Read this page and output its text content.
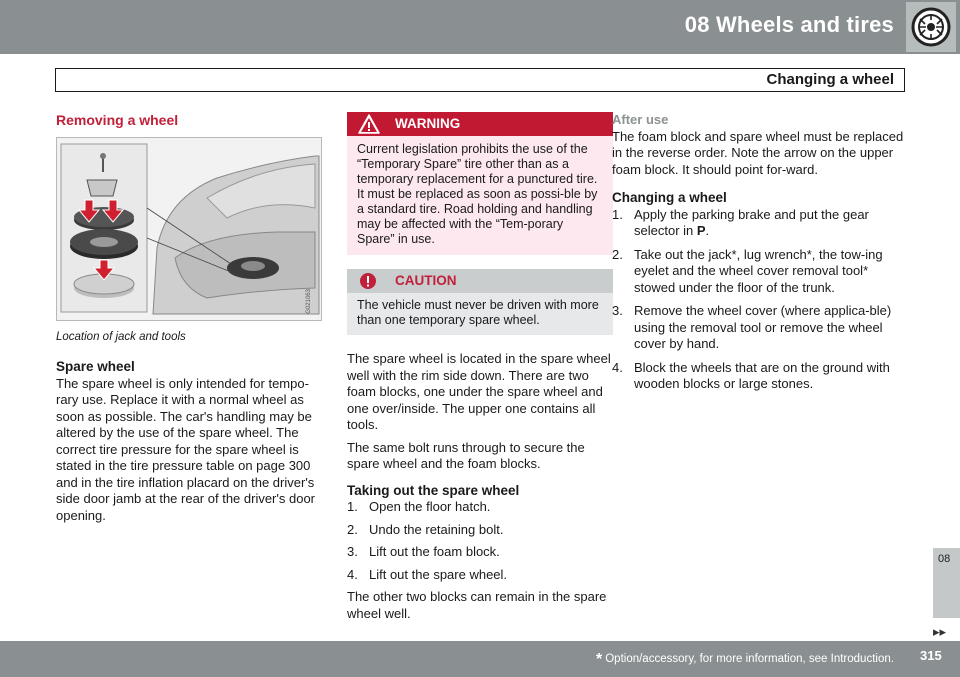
08 Wheels and tires
Changing a wheel
Removing a wheel
G021063
Location of jack and tools
Spare wheel

The spare wheel is only intended for tempo-rary use. Replace it with a normal wheel as soon as possible. The car's handling may be altered by the use of the spare wheel. The correct tire pressure for the spare wheel is stated in the tire pressure table on page 300 and in the tire inflation placard on the driver's side door jamb at the rear of the driver's door opening.

WARNING
Current legislation prohibits the use of the “Temporary Spare” tire other than as a temporary replacement for a punctured tire. It must be replaced as soon as possi-ble by a standard tire. Road holding and handling may be affected with the “Tem-porary Spare” in use.
CAUTION
The vehicle must never be driven with more than one temporary spare wheel.

The spare wheel is located in the spare wheel well with the rim side down. There are two foam blocks, one under the spare wheel and one over/inside. The upper one contains all tools.

The same bolt runs through to secure the spare wheel and the foam blocks.

Taking out the spare wheel
1. Open the floor hatch.
2. Undo the retaining bolt.
3. Lift out the foam block.
4. Lift out the spare wheel.

The other two blocks can remain in the spare wheel well.

After use

The foam block and spare wheel must be replaced in the reverse order. Note the arrow on the upper foam block. It should point for-ward.

Changing a wheel
1. Apply the parking brake and put the gear selector in P.
2. Take out the jack*, lug wrench*, the tow-ing eyelet and the wheel cover removal tool* stowed under the floor of the trunk.
3. Remove the wheel cover (where applica-ble) using the removal tool or remove the wheel cover by hand.
4. Block the wheels that are on the ground with wooden blocks or large stones.
08
▸▸
* Option/accessory, for more information, see Introduction. 315
